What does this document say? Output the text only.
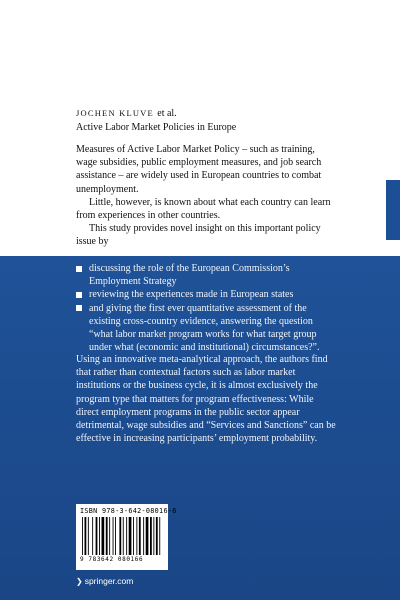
JOCHEN KLUVE et al.
Active Labor Market Policies in Europe

Measures of Active Labor Market Policy – such as training, wage subsidies, public employment measures, and job search assistance – are widely used in European countries to combat unemployment.

Little, however, is known about what each country can learn from experiences in other countries.

This study provides novel insight on this important policy issue by

discussing the role of the European Commission’s Employment Strategy
reviewing the experiences made in European states
and giving the first ever quantitative assessment of the existing cross-country evidence, answering the question “what labor market program works for what target group under what (economic and institutional) circumstances?”.

Using an innovative meta-analytical approach, the authors find that rather than contextual factors such as labor market institutions or the business cycle, it is almost exclusively the program type that matters for program effectiveness: While direct employment programs in the public sector appear detrimental, wage subsidies and “Services and Sanctions” can be effective in increasing participants’ employment probability.

ISBN 978-3-642-08016-6
9 783642 080166
❯ springer.com
